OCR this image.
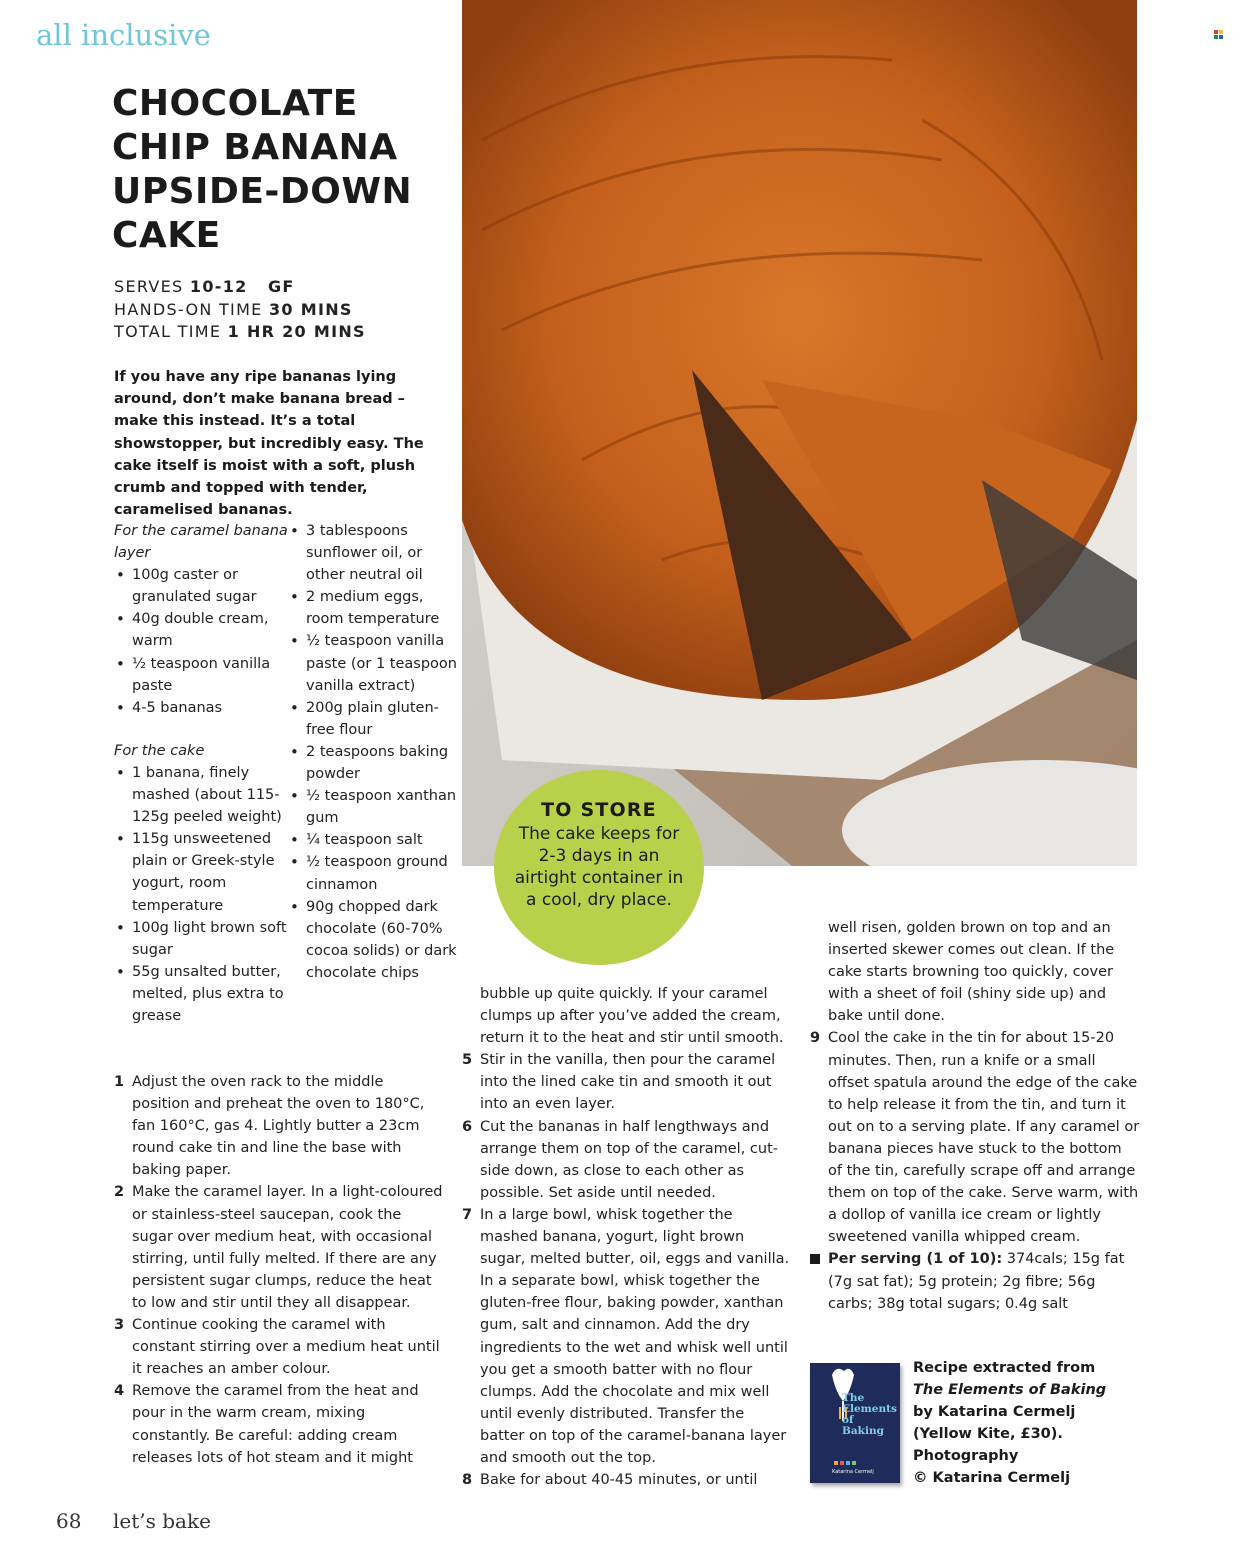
all inclusive
CHOCOLATE
CHIP BANANA
UPSIDE-DOWN
CAKE
SERVES 10-12 GF
HANDS-ON TIME 30 MINS
TOTAL TIME 1 HR 20 MINS

If you have any ripe bananas lying around, don’t make banana bread – make this instead. It’s a total showstopper, but incredibly easy. The cake itself is moist with a soft, plush crumb and topped with tender, caramelised bananas.

For the caramel banana layer
• 100g caster or granulated sugar
• 40g double cream, warm
• ½ teaspoon vanilla paste
• 4-5 bananas
For the cake
• 1 banana, finely mashed (about 115-125g peeled weight)
• 115g unsweetened plain or Greek-style yogurt, room temperature
• 100g light brown soft sugar
• 55g unsalted butter, melted, plus extra to grease
• 3 tablespoons sunflower oil, or other neutral oil
• 2 medium eggs, room temperature
• ½ teaspoon vanilla paste (or 1 teaspoon vanilla extract)
• 200g plain gluten-free flour
• 2 teaspoons baking powder
• ½ teaspoon xanthan gum
• ¼ teaspoon salt
• ½ teaspoon ground cinnamon
• 90g chopped dark chocolate (60-70% cocoa solids) or dark chocolate chips
1 Adjust the oven rack to the middle position and preheat the oven to 180°C, fan 160°C, gas 4. Lightly butter a 23cm round cake tin and line the base with baking paper.
2 Make the caramel layer. In a light-coloured or stainless-steel saucepan, cook the sugar over medium heat, with occasional stirring, until fully melted. If there are any persistent sugar clumps, reduce the heat to low and stir until they all disappear.
3 Continue cooking the caramel with constant stirring over a medium heat until it reaches an amber colour.
4 Remove the caramel from the heat and pour in the warm cream, mixing constantly. Be careful: adding cream releases lots of hot steam and it might
bubble up quite quickly. If your caramel clumps up after you’ve added the cream, return it to the heat and stir until smooth.
5 Stir in the vanilla, then pour the caramel into the lined cake tin and smooth it out into an even layer.
6 Cut the bananas in half lengthways and arrange them on top of the caramel, cut-side down, as close to each other as possible. Set aside until needed.
7 In a large bowl, whisk together the mashed banana, yogurt, light brown sugar, melted butter, oil, eggs and vanilla. In a separate bowl, whisk together the gluten-free flour, baking powder, xanthan gum, salt and cinnamon. Add the dry ingredients to the wet and whisk well until you get a smooth batter with no flour clumps. Add the chocolate and mix well until evenly distributed. Transfer the batter on top of the caramel-banana layer and smooth out the top.
8 Bake for about 40-45 minutes, or until
well risen, golden brown on top and an inserted skewer comes out clean. If the cake starts browning too quickly, cover with a sheet of foil (shiny side up) and bake until done.
9 Cool the cake in the tin for about 15-20 minutes. Then, run a knife or a small offset spatula around the edge of the cake to help release it from the tin, and turn it out on to a serving plate. If any caramel or banana pieces have stuck to the bottom of the tin, carefully scrape off and arrange them on top of the cake. Serve warm, with a dollop of vanilla ice cream or lightly sweetened vanilla whipped cream.
Per serving (1 of 10): 374cals; 15g fat (7g sat fat); 5g protein; 2g fibre; 56g carbs; 38g total sugars; 0.4g salt
TO STORE
The cake keeps for 2-3 days in an airtight container in a cool, dry place.
The
Elements
of
Baking
Katarina Cermelj
Recipe extracted from
The Elements of Baking
by Katarina Cermelj
(Yellow Kite, £30).
Photography
© Katarina Cermelj
68 let’s bake
